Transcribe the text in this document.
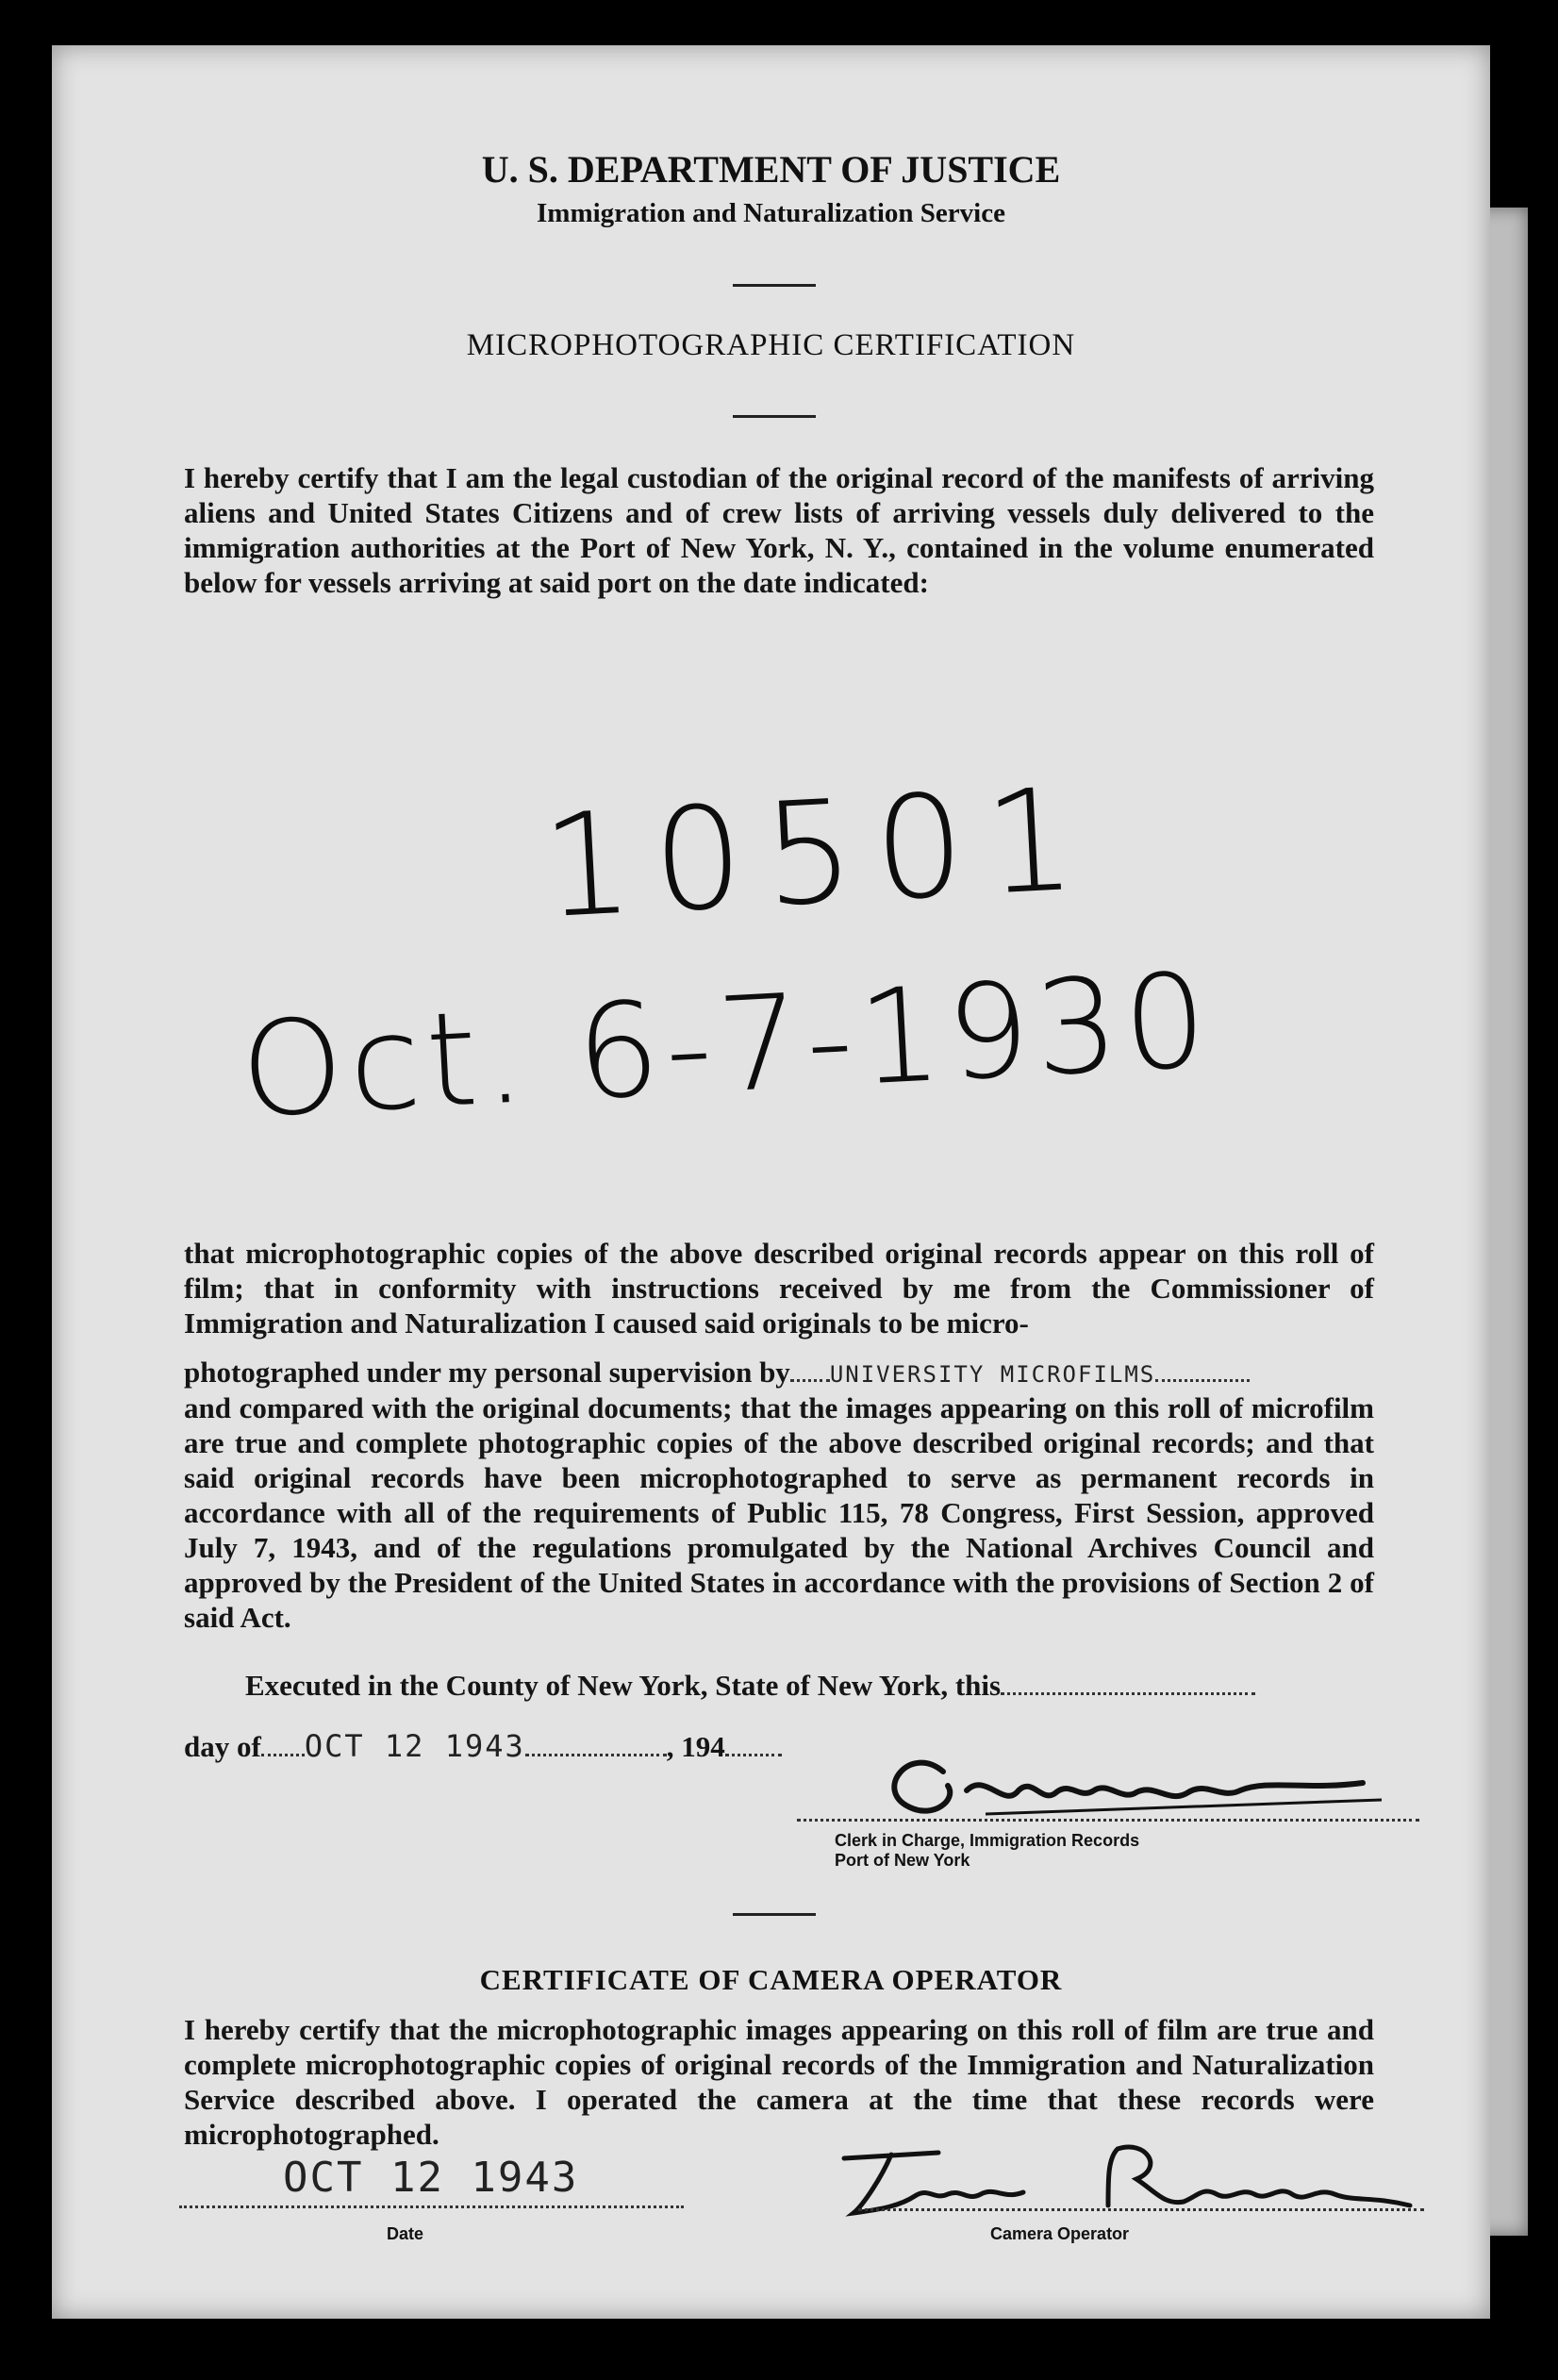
U. S. DEPARTMENT OF JUSTICE
Immigration and Naturalization Service
MICROPHOTOGRAPHIC CERTIFICATION

I hereby certify that I am the legal custodian of the original record of the manifests of arriving aliens and United States Citizens and of crew lists of arriving vessels duly delivered to the immigration authorities at the Port of New York, N. Y., contained in the volume enumerated below for vessels arriving at said port on the date indicated:

10501
Oct. 6-7-1930

that microphotographic copies of the above described original records appear on this roll of film; that in conformity with instructions received by me from the Commissioner of Immigration and Naturalization I caused said originals to be micro-

photographed under my personal supervision by UNIVERSITY MICROFILMS

and compared with the original documents; that the images appearing on this roll of microfilm are true and complete photographic copies of the above described original records; and that said original records have been microphotographed to serve as permanent records in accordance with all of the requirements of Public 115, 78 Congress, First Session, approved July 7, 1943, and of the regulations promulgated by the National Archives Council and approved by the President of the United States in accordance with the provisions of Section 2 of said Act.

Executed in the County of New York, State of New York, this
day of OCT 12 1943	, 194
Clerk in Charge, Immigration Records
Port of New York
CERTIFICATE OF CAMERA OPERATOR

I hereby certify that the microphotographic images appearing on this roll of film are true and complete microphotographic copies of original records of the Immigration and Naturalization Service described above. I operated the camera at the time that these records were microphotographed.

OCT 12 1943
Date	Camera Operator
